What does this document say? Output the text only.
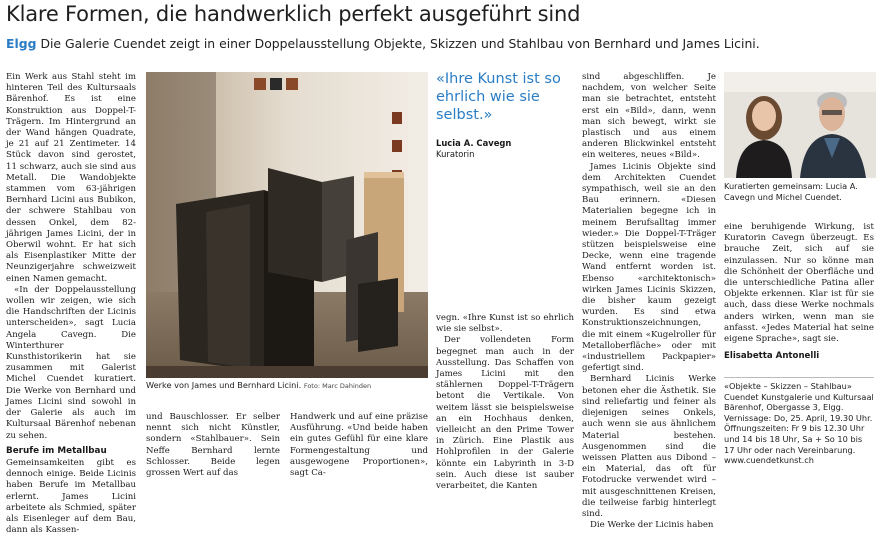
Klare Formen, die handwerklich perfekt ausgeführt sind
Elgg Die Galerie Cuendet zeigt in einer Doppelausstellung Objekte, Skizzen und Stahlbau von Bernhard und James Licini.

Ein Werk aus Stahl steht im hinteren Teil des Kultursaals Bärenhof. Es ist eine Konstruktion aus Doppel-T-Trägern. Im Hintergrund an der Wand hängen Quadrate, je 21 auf 21 Zentimeter. 14 Stück davon sind gerostet, 11 schwarz, auch sie sind aus Metall. Die Wandobjekte stammen vom 63-jährigen Bernhard Licini aus Bubikon, der schwere Stahlbau von dessen Onkel, dem 82-jährigen James Licini, der in Oberwil wohnt. Er hat sich als Eisenplastiker Mitte der Neunzigerjahre schweizweit einen Namen gemacht.

«In der Doppelausstellung wollen wir zeigen, wie sich die Handschriften der Licinis unterscheiden», sagt Lucia Angela Cavegn. Die Winterthurer Kunsthistorikerin hat sie zusammen mit Galerist Michel Cuendet kuratiert. Die Werke von Bernhard und James Licini sind sowohl in der Galerie als auch im Kultursaal Bärenhof nebenan zu sehen.

Berufe im Metallbau

Gemeinsamkeiten gibt es dennoch einige. Beide Licinis haben Berufe im Metallbau erlernt. James Licini arbeitete als Schmied, später als Eisenleger auf dem Bau, dann als Kassen-

Werke von James und Bernhard Licini. Foto: Marc Dahinden

und Bauschlosser. Er selber nennt sich nicht Künstler, sondern «Stahlbauer». Sein Neffe Bernhard lernte Schlosser. Beide legen grossen Wert auf das

Handwerk und auf eine präzise Ausführung. «Und beide haben ein gutes Gefühl für eine klare Formengestaltung und ausgewogene Proportionen», sagt Ca-

«Ihre Kunst ist so ehrlich wie sie selbst.»
Lucia A. Cavegn
Kuratorin

vegn. «Ihre Kunst ist so ehrlich wie sie selbst».

Der vollendeten Form begegnet man auch in der Ausstellung. Das Schaffen von James Licini mit den stählernen Doppel-T-Trägern betont die Vertikale. Von weitem lässt sie beispielsweise an ein Hochhaus denken, vielleicht an den Prime Tower in Zürich. Eine Plastik aus Hohlprofilen in der Galerie könnte ein Labyrinth in 3-D sein. Auch diese ist sauber verarbeitet, die Kanten

sind abgeschliffen. Je nachdem, von welcher Seite man sie betrachtet, entsteht erst ein «Bild», dann, wenn man sich bewegt, wirkt sie plastisch und aus einem anderen Blickwinkel entsteht ein weiteres, neues «Bild».

James Licinis Objekte sind dem Architekten Cuendet sympathisch, weil sie an den Bau erinnern. «Diesen Materialien begegne ich in meinem Berufsalltag immer wieder.» Die Doppel-T-Träger stützen beispielsweise eine Decke, wenn eine tragende Wand entfernt worden ist. Ebenso «architektonisch» wirken James Licinis Skizzen, die bisher kaum gezeigt wurden. Es sind etwa Konstruktionszeichnungen, die mit einem «Kugelroller für Metalloberfläche» oder mit «industriellem Packpapier» gefertigt sind.

Bernhard Licinis Werke betonen eher die Ästhetik. Sie sind reliefartig und feiner als diejenigen seines Onkels, auch wenn sie aus ähnlichem Material bestehen. Ausgenommen sind die weissen Platten aus Dibond – ein Material, das oft für Fotodrucke verwendet wird – mit ausgeschnittenen Kreisen, die teilweise farbig hinterlegt sind.

Die Werke der Licinis haben

Kuratierten gemeinsam: Lucia A. Cavegn und Michel Cuendet.

eine beruhigende Wirkung, ist Kuratorin Cavegn überzeugt. Es brauche Zeit, sich auf sie einzulassen. Nur so könne man die Schönheit der Oberfläche und die unterschiedliche Patina aller Objekte erkennen. Klar ist für sie auch, dass diese Werke nochmals anders wirken, wenn man sie anfasst. «Jedes Material hat seine eigene Sprache», sagt sie.

Elisabetta Antonelli
«Objekte – Skizzen – Stahlbau»
Cuendet Kunstgalerie und Kultursaal Bärenhof, Obergasse 3, Elgg. Vernissage: Do, 25. April, 19.30 Uhr. Öffnungszeiten: Fr 9 bis 12.30 Uhr und 14 bis 18 Uhr, Sa + So 10 bis 17 Uhr oder nach Vereinbarung.
www.cuendetkunst.ch
